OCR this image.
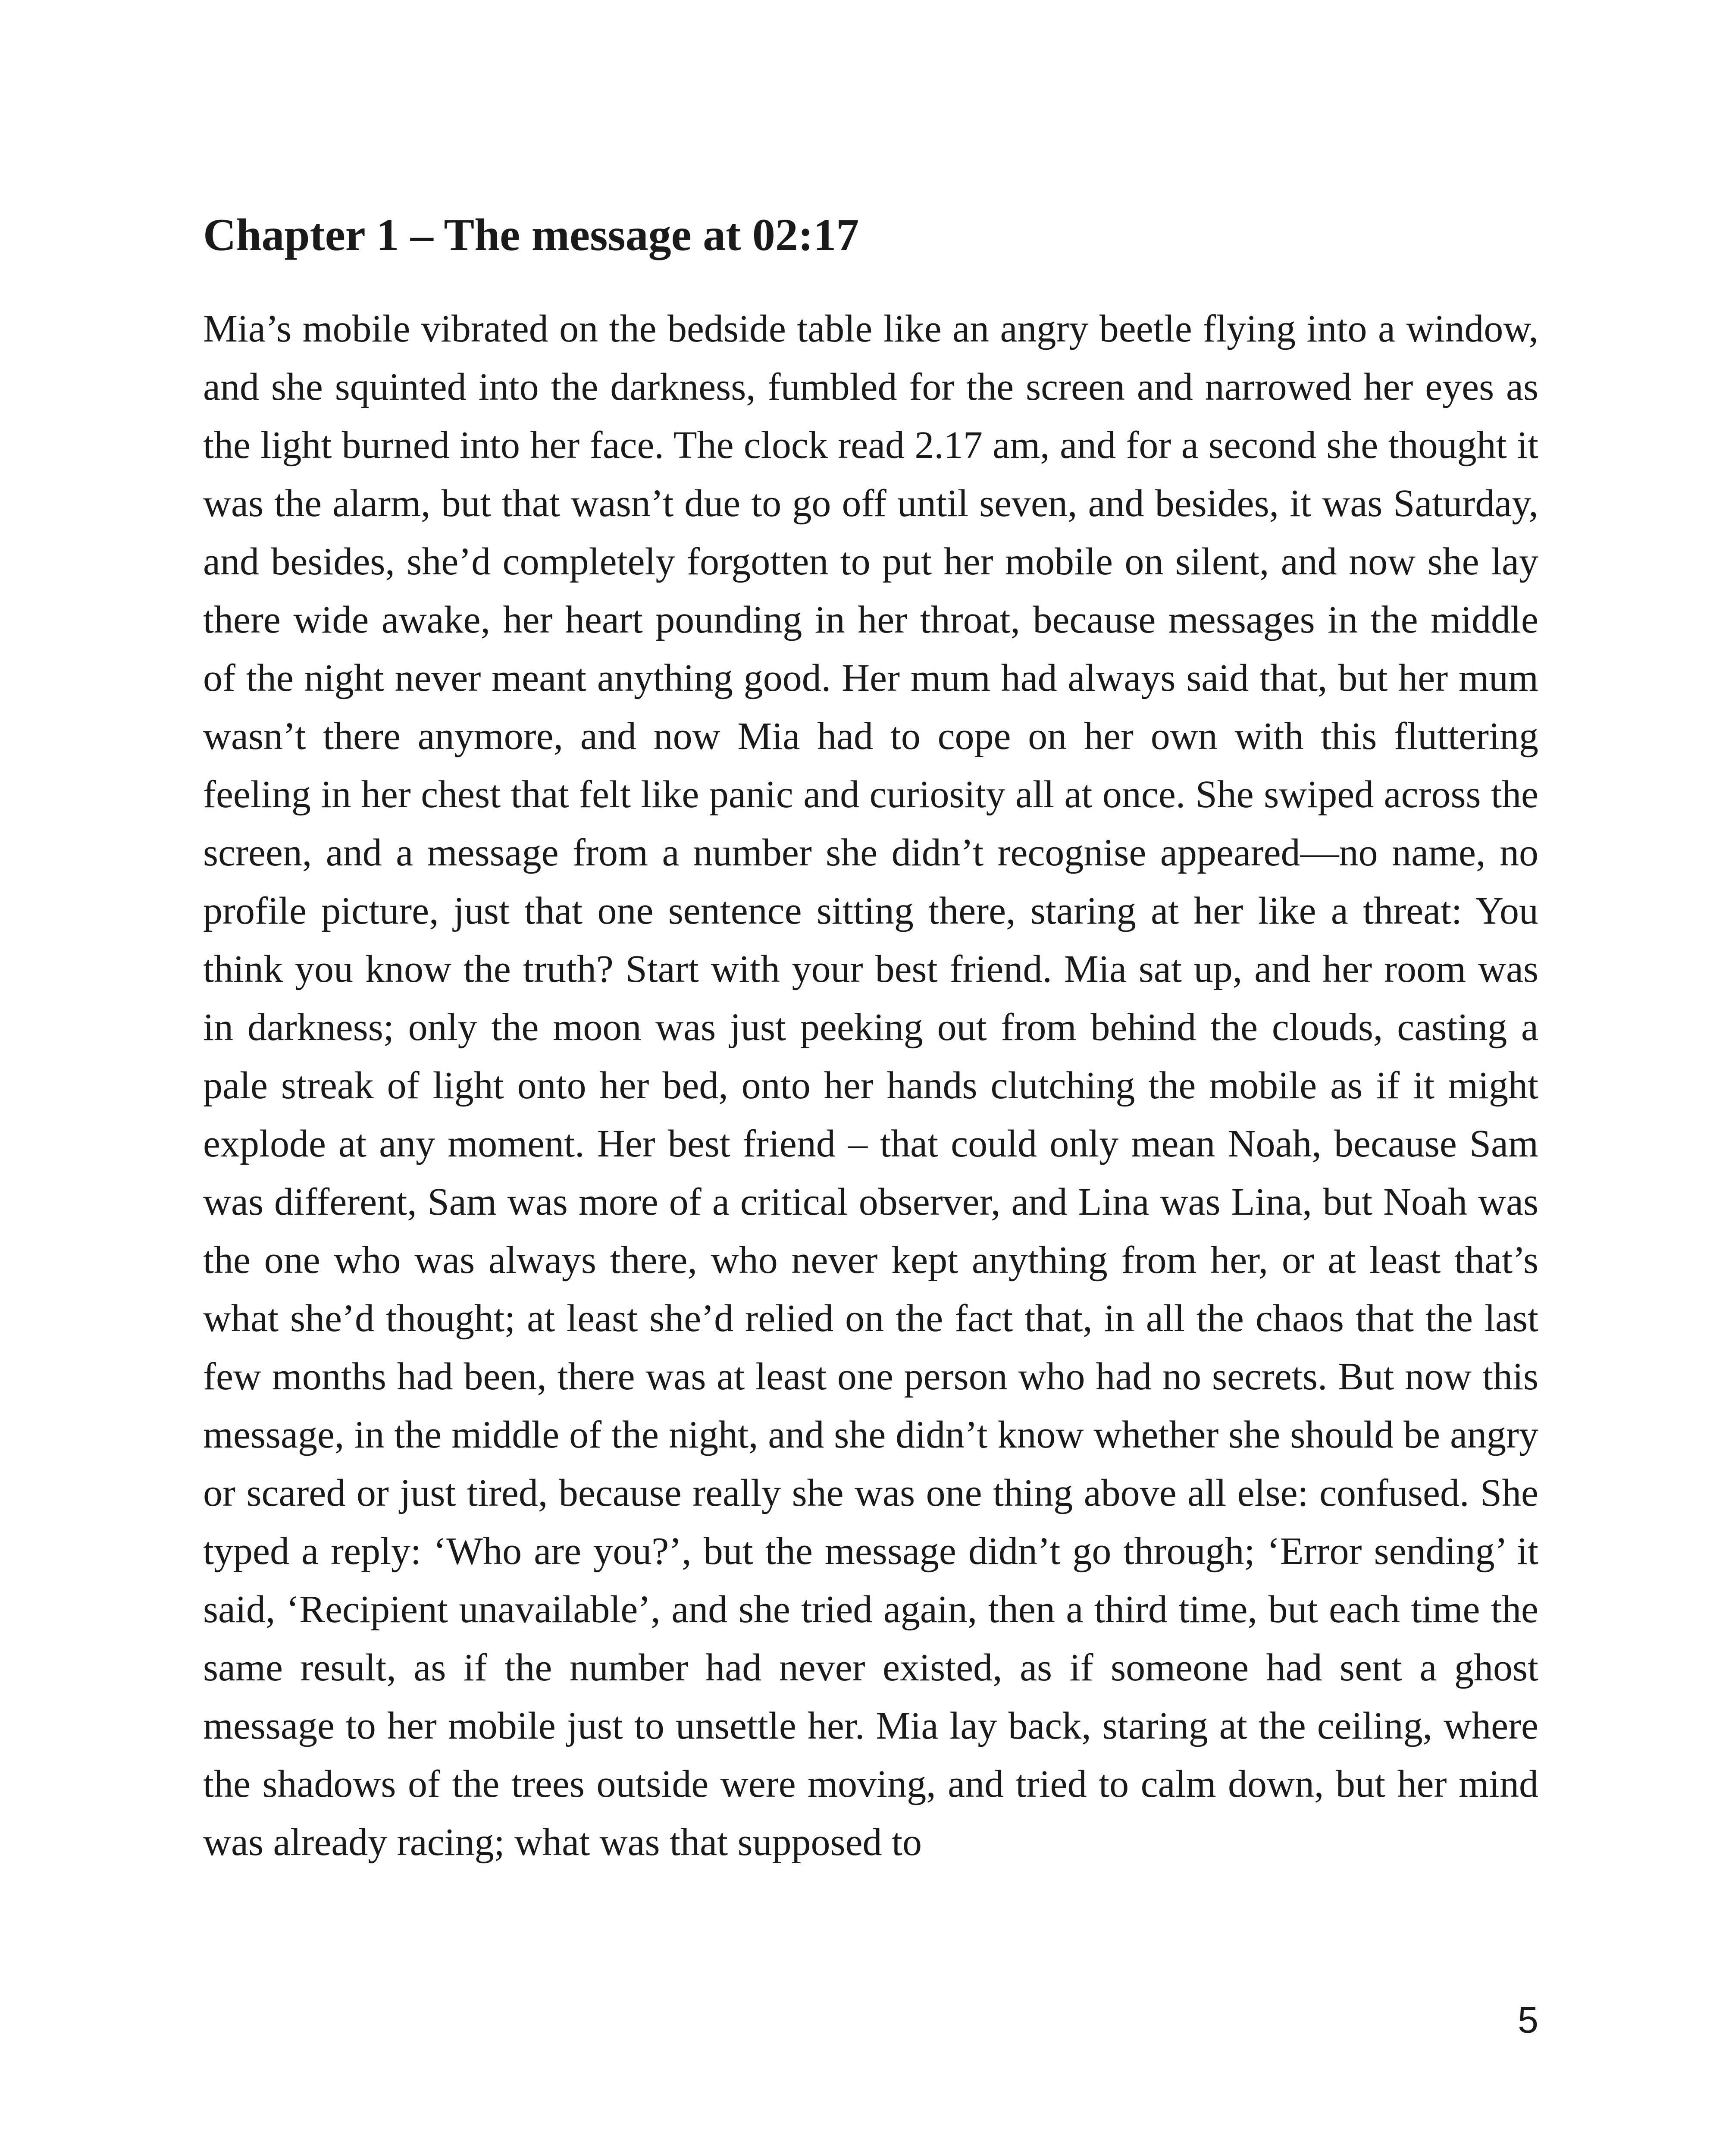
Chapter 1 – The message at 02:17

Mia’s mobile vibrated on the bedside table like an angry beetle flying into a window, and she squinted into the darkness, fumbled for the screen and narrowed her eyes as the light burned into her face. The clock read 2.17 am, and for a second she thought it was the alarm, but that wasn’t due to go off until seven, and besides, it was Saturday, and besides, she’d completely forgotten to put her mobile on silent, and now she lay there wide awake, her heart pounding in her throat, because messages in the middle of the night never meant anything good. Her mum had always said that, but her mum wasn’t there anymore, and now Mia had to cope on her own with this fluttering feeling in her chest that felt like panic and curiosity all at once. She swiped across the screen, and a message from a number she didn’t recognise appeared—no name, no profile picture, just that one sentence sitting there, staring at her like a threat: You think you know the truth? Start with your best friend. Mia sat up, and her room was in darkness; only the moon was just peeking out from behind the clouds, casting a pale streak of light onto her bed, onto her hands clutching the mobile as if it might explode at any moment. Her best friend – that could only mean Noah, because Sam was different, Sam was more of a critical observer, and Lina was Lina, but Noah was the one who was always there, who never kept anything from her, or at least that’s what she’d thought; at least she’d relied on the fact that, in all the chaos that the last few months had been, there was at least one person who had no secrets. But now this message, in the middle of the night, and she didn’t know whether she should be angry or scared or just tired, because really she was one thing above all else: confused. She typed a reply: ‘Who are you?’, but the message didn’t go through; ‘Error sending’ it said, ‘Recipient unavailable’, and she tried again, then a third time, but each time the same result, as if the number had never existed, as if someone had sent a ghost message to her mobile just to unsettle her. Mia lay back, staring at the ceiling, where the shadows of the trees outside were moving, and tried to calm down, but her mind was already racing; what was that supposed to

5
